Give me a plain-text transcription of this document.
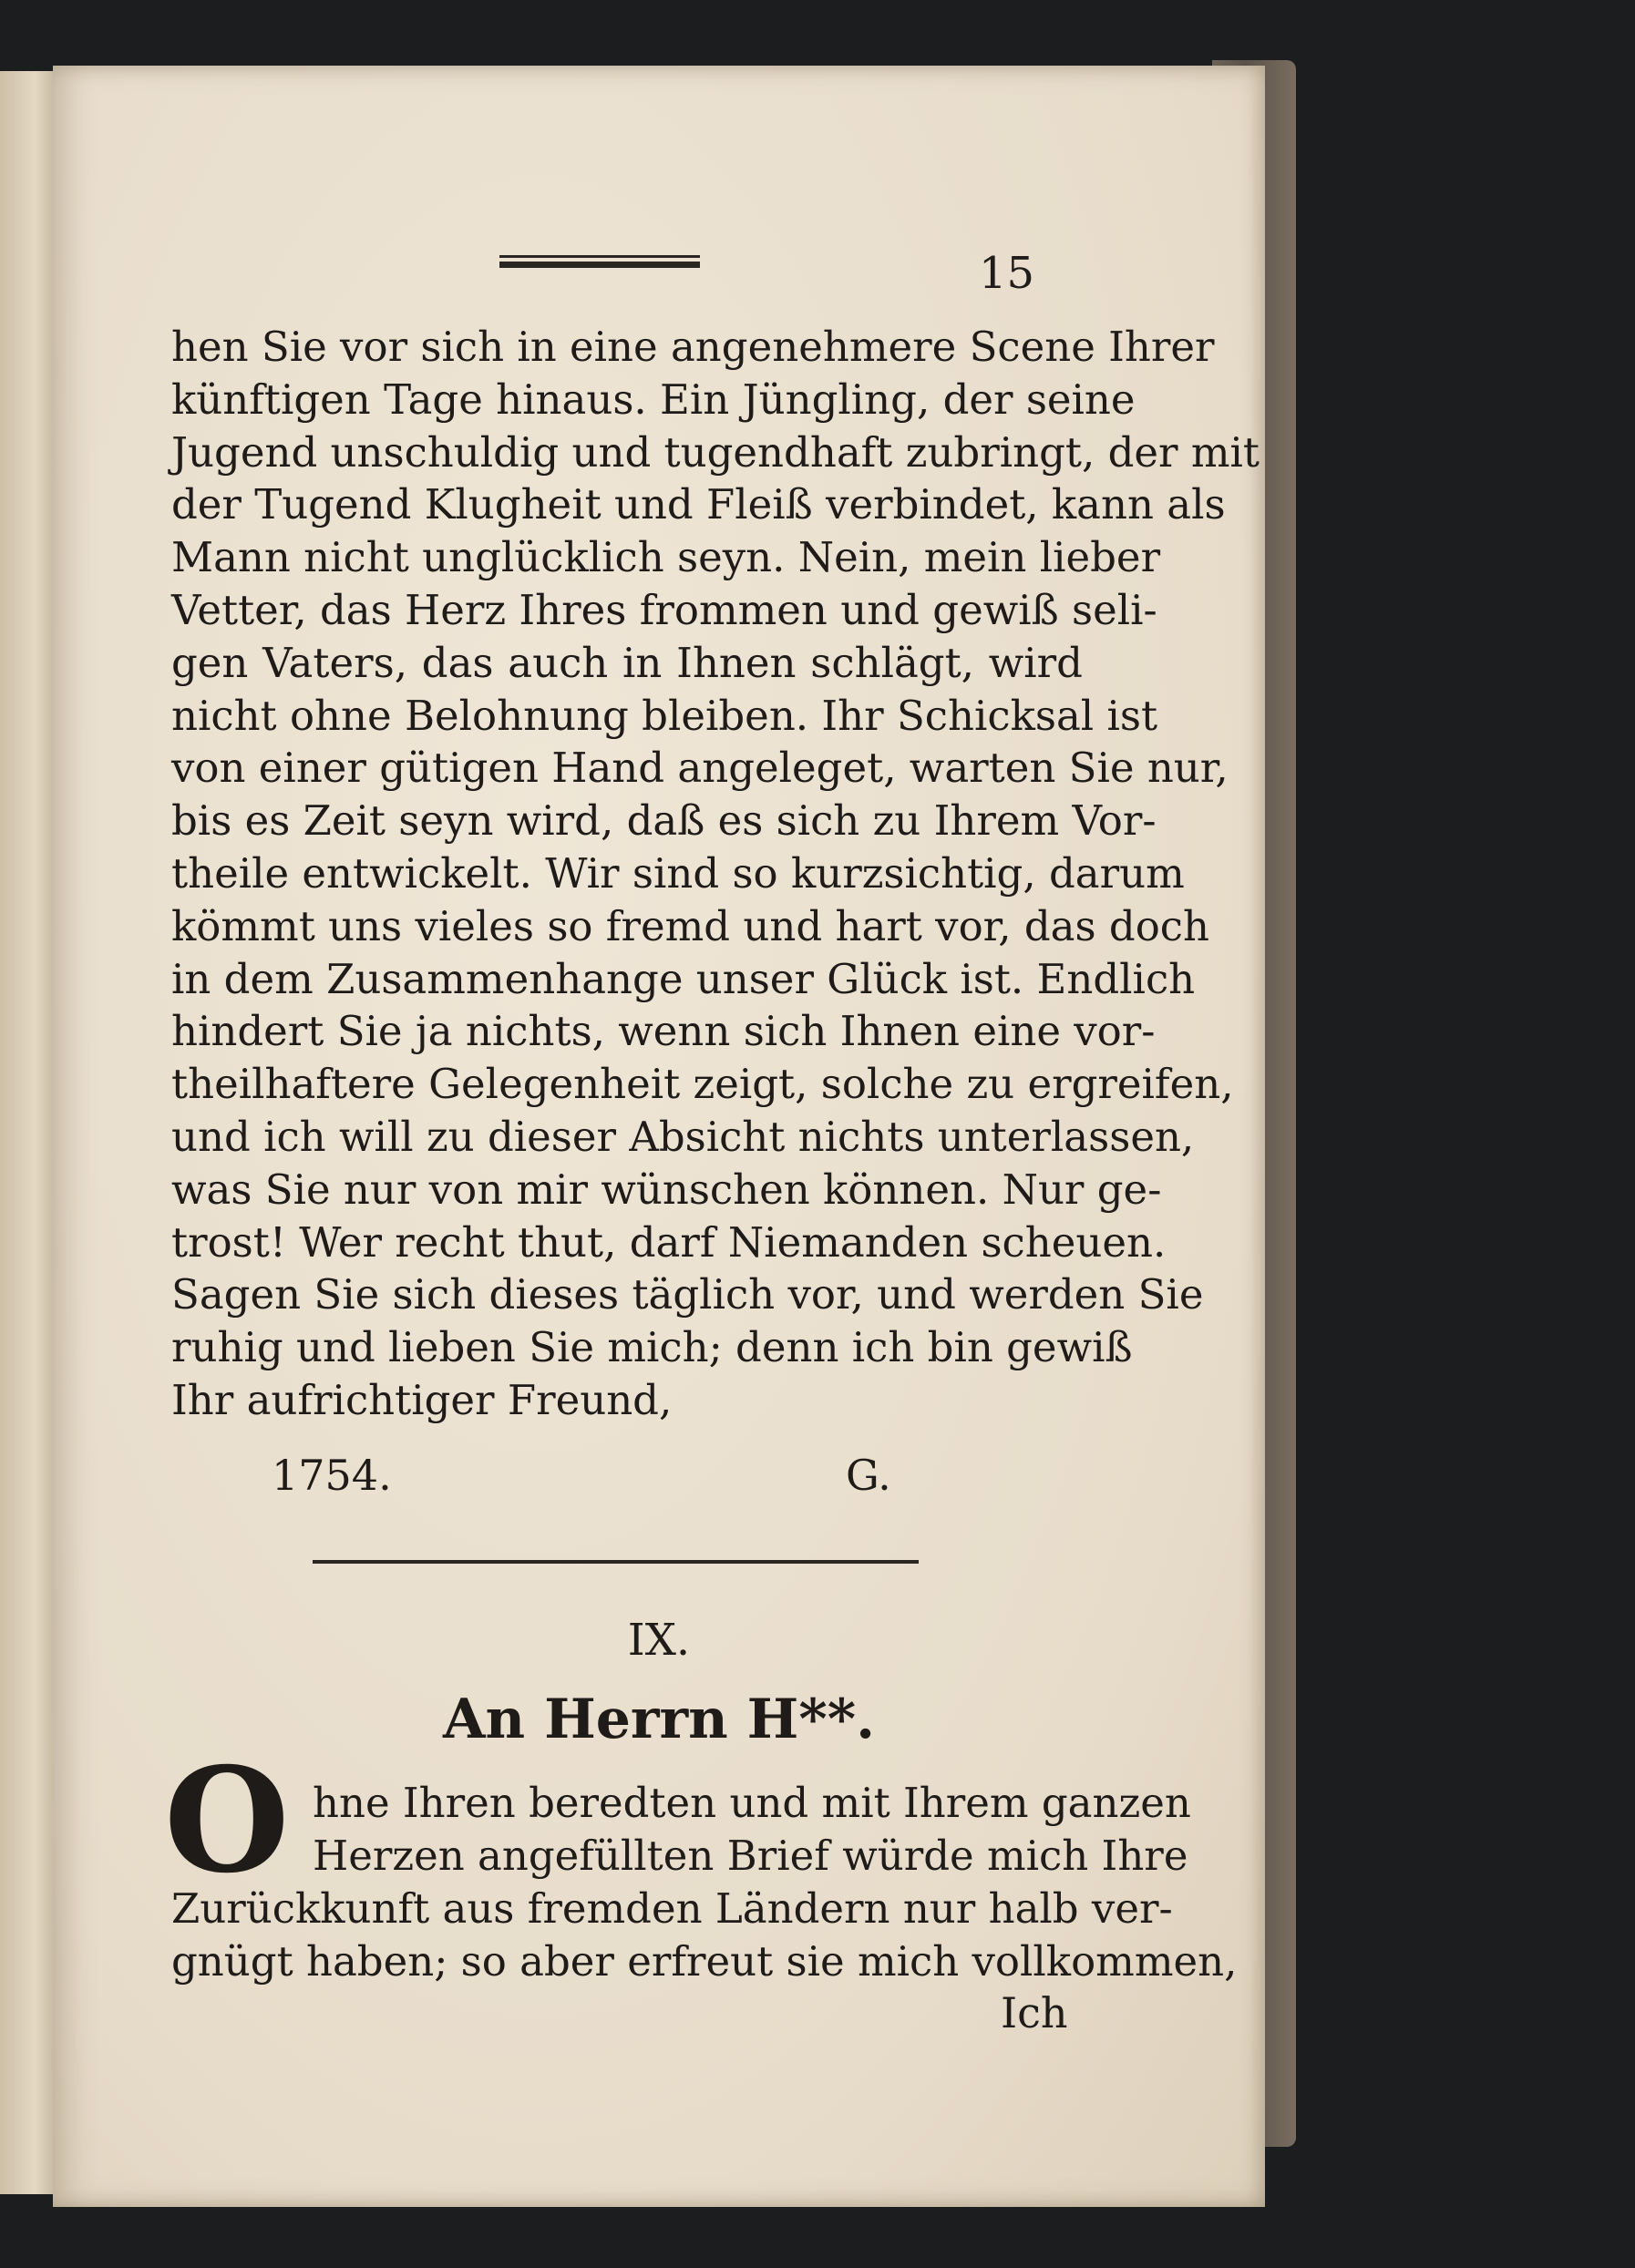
15
hen Sie vor sich in eine angenehmere Scene Ihrer
künftigen Tage hinaus. Ein Jüngling, der seine
Jugend unschuldig und tugendhaft zubringt, der mit
der Tugend Klugheit und Fleiß verbindet, kann als
Mann nicht unglücklich seyn. Nein, mein lieber
Vetter, das Herz Ihres frommen und gewiß seli-
gen Vaters, das auch in Ihnen schlägt, wird
nicht ohne Belohnung bleiben. Ihr Schicksal ist
von einer gütigen Hand angeleget, warten Sie nur,
bis es Zeit seyn wird, daß es sich zu Ihrem Vor-
theile entwickelt. Wir sind so kurzsichtig, darum
kömmt uns vieles so fremd und hart vor, das doch
in dem Zusammenhange unser Glück ist. Endlich
hindert Sie ja nichts, wenn sich Ihnen eine vor-
theilhaftere Gelegenheit zeigt, solche zu ergreifen,
und ich will zu dieser Absicht nichts unterlassen,
was Sie nur von mir wünschen können. Nur ge-
trost! Wer recht thut, darf Niemanden scheuen.
Sagen Sie sich dieses täglich vor, und werden Sie
ruhig und lieben Sie mich; denn ich bin gewiß
Ihr aufrichtiger Freund,
1754.	G.
IX.
An Herrn H**.
O hne Ihren beredten und mit Ihrem ganzen
Herzen angefüllten Brief würde mich Ihre
Zurückkunft aus fremden Ländern nur halb ver-
gnügt haben; so aber erfreut sie mich vollkommen,
Ich
